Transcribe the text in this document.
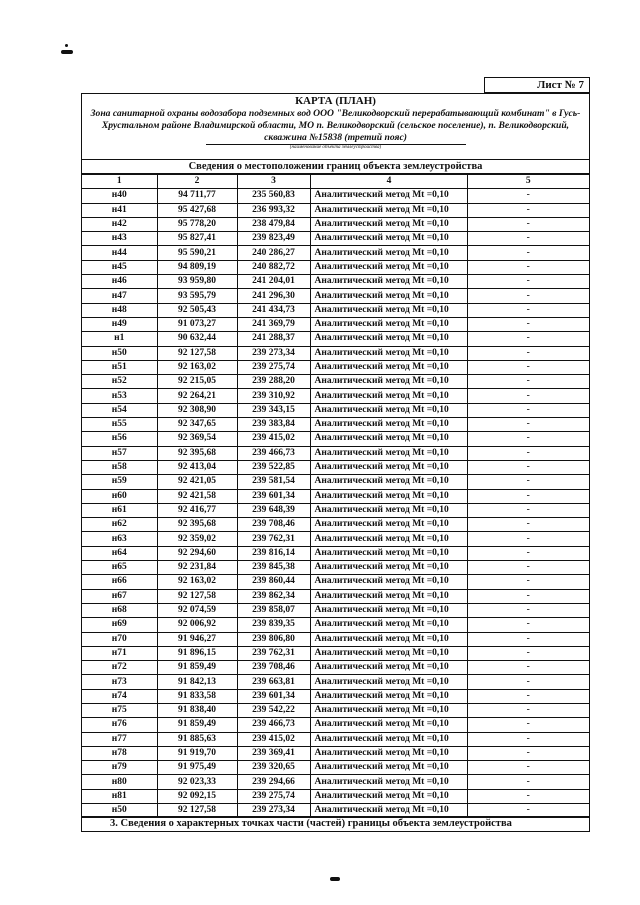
Лист № 7
КАРТА (ПЛАН)
Зона санитарной охраны водозабора подземных вод ООО "Великодворский перерабатывающий комбинат" в Гусь-Хрустальном районе Владимирской области, МО п. Великодворский (сельское поселение), п. Великодворский, скважина №15838 (третий пояс)
(наименование объекта землеустройства)
Сведения о местоположении границ объекта землеустройства
1	2	3	4	5
н40	94 711,77	235 560,83	Аналитический метод Mt =0,10	-
н41	95 427,68	236 993,32	Аналитический метод Mt =0,10	-
н42	95 778,20	238 479,84	Аналитический метод Mt =0,10	-
н43	95 827,41	239 823,49	Аналитический метод Mt =0,10	-
н44	95 590,21	240 286,27	Аналитический метод Mt =0,10	-
н45	94 809,19	240 882,72	Аналитический метод Mt =0,10	-
н46	93 959,80	241 204,01	Аналитический метод Mt =0,10	-
н47	93 595,79	241 296,30	Аналитический метод Mt =0,10	-
н48	92 505,43	241 434,73	Аналитический метод Mt =0,10	-
н49	91 073,27	241 369,79	Аналитический метод Mt =0,10	-
н1	90 632,44	241 288,37	Аналитический метод Mt =0,10	-
н50	92 127,58	239 273,34	Аналитический метод Mt =0,10	-
н51	92 163,02	239 275,74	Аналитический метод Mt =0,10	-
н52	92 215,05	239 288,20	Аналитический метод Mt =0,10	-
н53	92 264,21	239 310,92	Аналитический метод Mt =0,10	-
н54	92 308,90	239 343,15	Аналитический метод Mt =0,10	-
н55	92 347,65	239 383,84	Аналитический метод Mt =0,10	-
н56	92 369,54	239 415,02	Аналитический метод Mt =0,10	-
н57	92 395,68	239 466,73	Аналитический метод Mt =0,10	-
н58	92 413,04	239 522,85	Аналитический метод Mt =0,10	-
н59	92 421,05	239 581,54	Аналитический метод Mt =0,10	-
н60	92 421,58	239 601,34	Аналитический метод Mt =0,10	-
н61	92 416,77	239 648,39	Аналитический метод Mt =0,10	-
н62	92 395,68	239 708,46	Аналитический метод Mt =0,10	-
н63	92 359,02	239 762,31	Аналитический метод Mt =0,10	-
н64	92 294,60	239 816,14	Аналитический метод Mt =0,10	-
н65	92 231,84	239 845,38	Аналитический метод Mt =0,10	-
н66	92 163,02	239 860,44	Аналитический метод Mt =0,10	-
н67	92 127,58	239 862,34	Аналитический метод Mt =0,10	-
н68	92 074,59	239 858,07	Аналитический метод Mt =0,10	-
н69	92 006,92	239 839,35	Аналитический метод Mt =0,10	-
н70	91 946,27	239 806,80	Аналитический метод Mt =0,10	-
н71	91 896,15	239 762,31	Аналитический метод Mt =0,10	-
н72	91 859,49	239 708,46	Аналитический метод Mt =0,10	-
н73	91 842,13	239 663,81	Аналитический метод Mt =0,10	-
н74	91 833,58	239 601,34	Аналитический метод Mt =0,10	-
н75	91 838,40	239 542,22	Аналитический метод Mt =0,10	-
н76	91 859,49	239 466,73	Аналитический метод Mt =0,10	-
н77	91 885,63	239 415,02	Аналитический метод Mt =0,10	-
н78	91 919,70	239 369,41	Аналитический метод Mt =0,10	-
н79	91 975,49	239 320,65	Аналитический метод Mt =0,10	-
н80	92 023,33	239 294,66	Аналитический метод Mt =0,10	-
н81	92 092,15	239 275,74	Аналитический метод Mt =0,10	-
н50	92 127,58	239 273,34	Аналитический метод Mt =0,10	-
3. Сведения о характерных точках части (частей) границы объекта землеустройства
